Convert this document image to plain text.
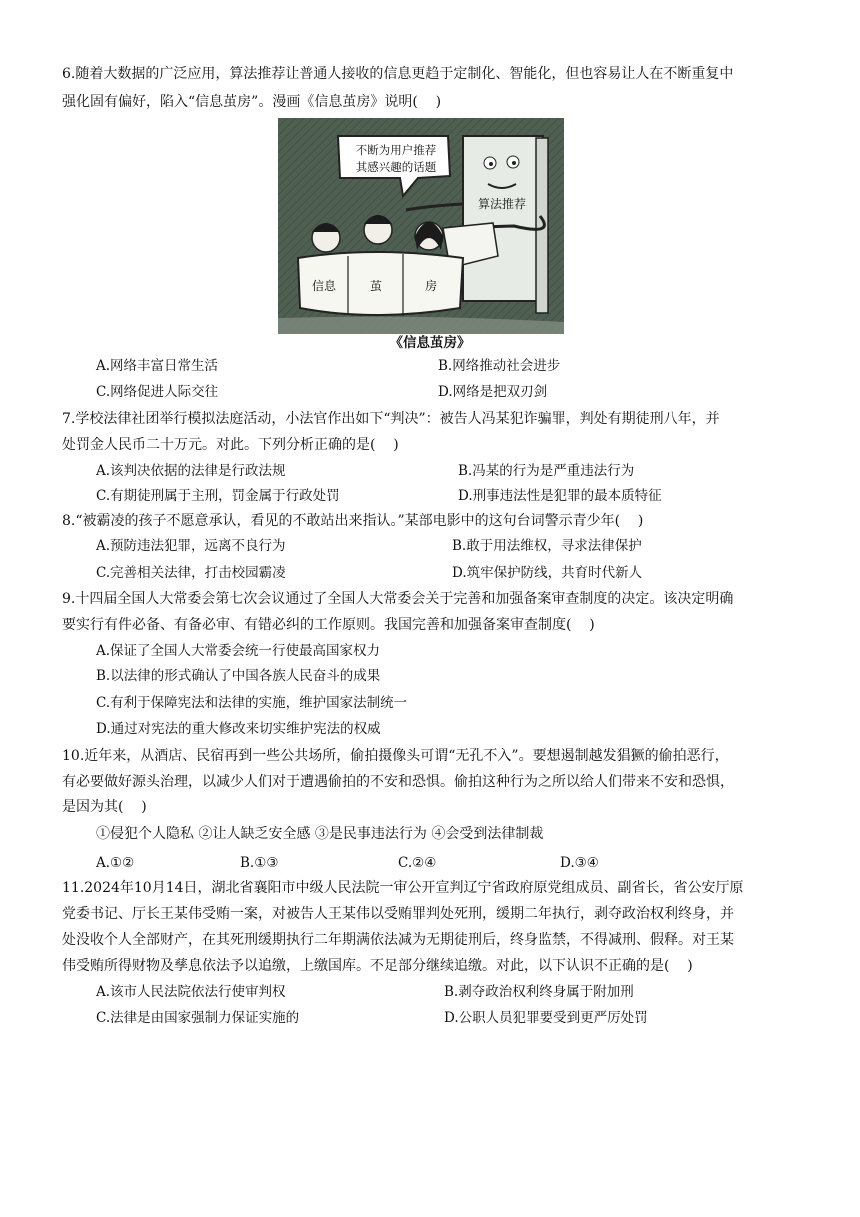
6.随着大数据的广泛应用，算法推荐让普通人接收的信息更趋于定制化、智能化，但也容易让人在不断重复中
强化固有偏好，陷入“信息茧房”。漫画《信息茧房》说明(    )
算法推荐
不断为用户推荐
其感兴趣的话题
信息	茧	房
《信息茧房》
A.网络丰富日常生活	B.网络推动社会进步
C.网络促进人际交往	D.网络是把双刃剑
7.学校法律社团举行模拟法庭活动，小法官作出如下“判决”：被告人冯某犯诈骗罪，判处有期徒刑八年，并
处罚金人民币二十万元。对此。下列分析正确的是(    )
A.该判决依据的法律是行政法规	B.冯某的行为是严重违法行为
C.有期徒刑属于主刑，罚金属于行政处罚	D.刑事违法性是犯罪的最本质特征
8.“被霸凌的孩子不愿意承认，看见的不敢站出来指认。”某部电影中的这句台词警示青少年(    )
A.预防违法犯罪，远离不良行为	B.敢于用法维权，寻求法律保护
C.完善相关法律，打击校园霸凌	D.筑牢保护防线，共育时代新人
9.十四届全国人大常委会第七次会议通过了全国人大常委会关于完善和加强备案审查制度的决定。该决定明确
要实行有件必备、有备必审、有错必纠的工作原则。我国完善和加强备案审查制度(    )
A.保证了全国人大常委会统一行使最高国家权力
B.以法律的形式确认了中国各族人民奋斗的成果
C.有利于保障宪法和法律的实施，维护国家法制统一
D.通过对宪法的重大修改来切实维护宪法的权威
10.近年来，从酒店、民宿再到一些公共场所，偷拍摄像头可谓“无孔不入”。要想遏制越发猖獗的偷拍恶行，
有必要做好源头治理，以减少人们对于遭遇偷拍的不安和恐惧。偷拍这种行为之所以给人们带来不安和恐惧，
是因为其(    )
①侵犯个人隐私 ②让人缺乏安全感 ③是民事违法行为 ④会受到法律制裁
A.①②	B.①③	C.②④	D.③④
11.2024年10月14日，湖北省襄阳市中级人民法院一审公开宣判辽宁省政府原党组成员、副省长，省公安厅原
党委书记、厅长王某伟受贿一案，对被告人王某伟以受贿罪判处死刑，缓期二年执行，剥夺政治权利终身，并
处没收个人全部财产，在其死刑缓期执行二年期满依法减为无期徒刑后，终身监禁，不得减刑、假释。对王某
伟受贿所得财物及孳息依法予以追缴，上缴国库。不足部分继续追缴。对此，以下认识不正确的是(    )
A.该市人民法院依法行使审判权	B.剥夺政治权利终身属于附加刑
C.法律是由国家强制力保证实施的	D.公职人员犯罪要受到更严厉处罚
